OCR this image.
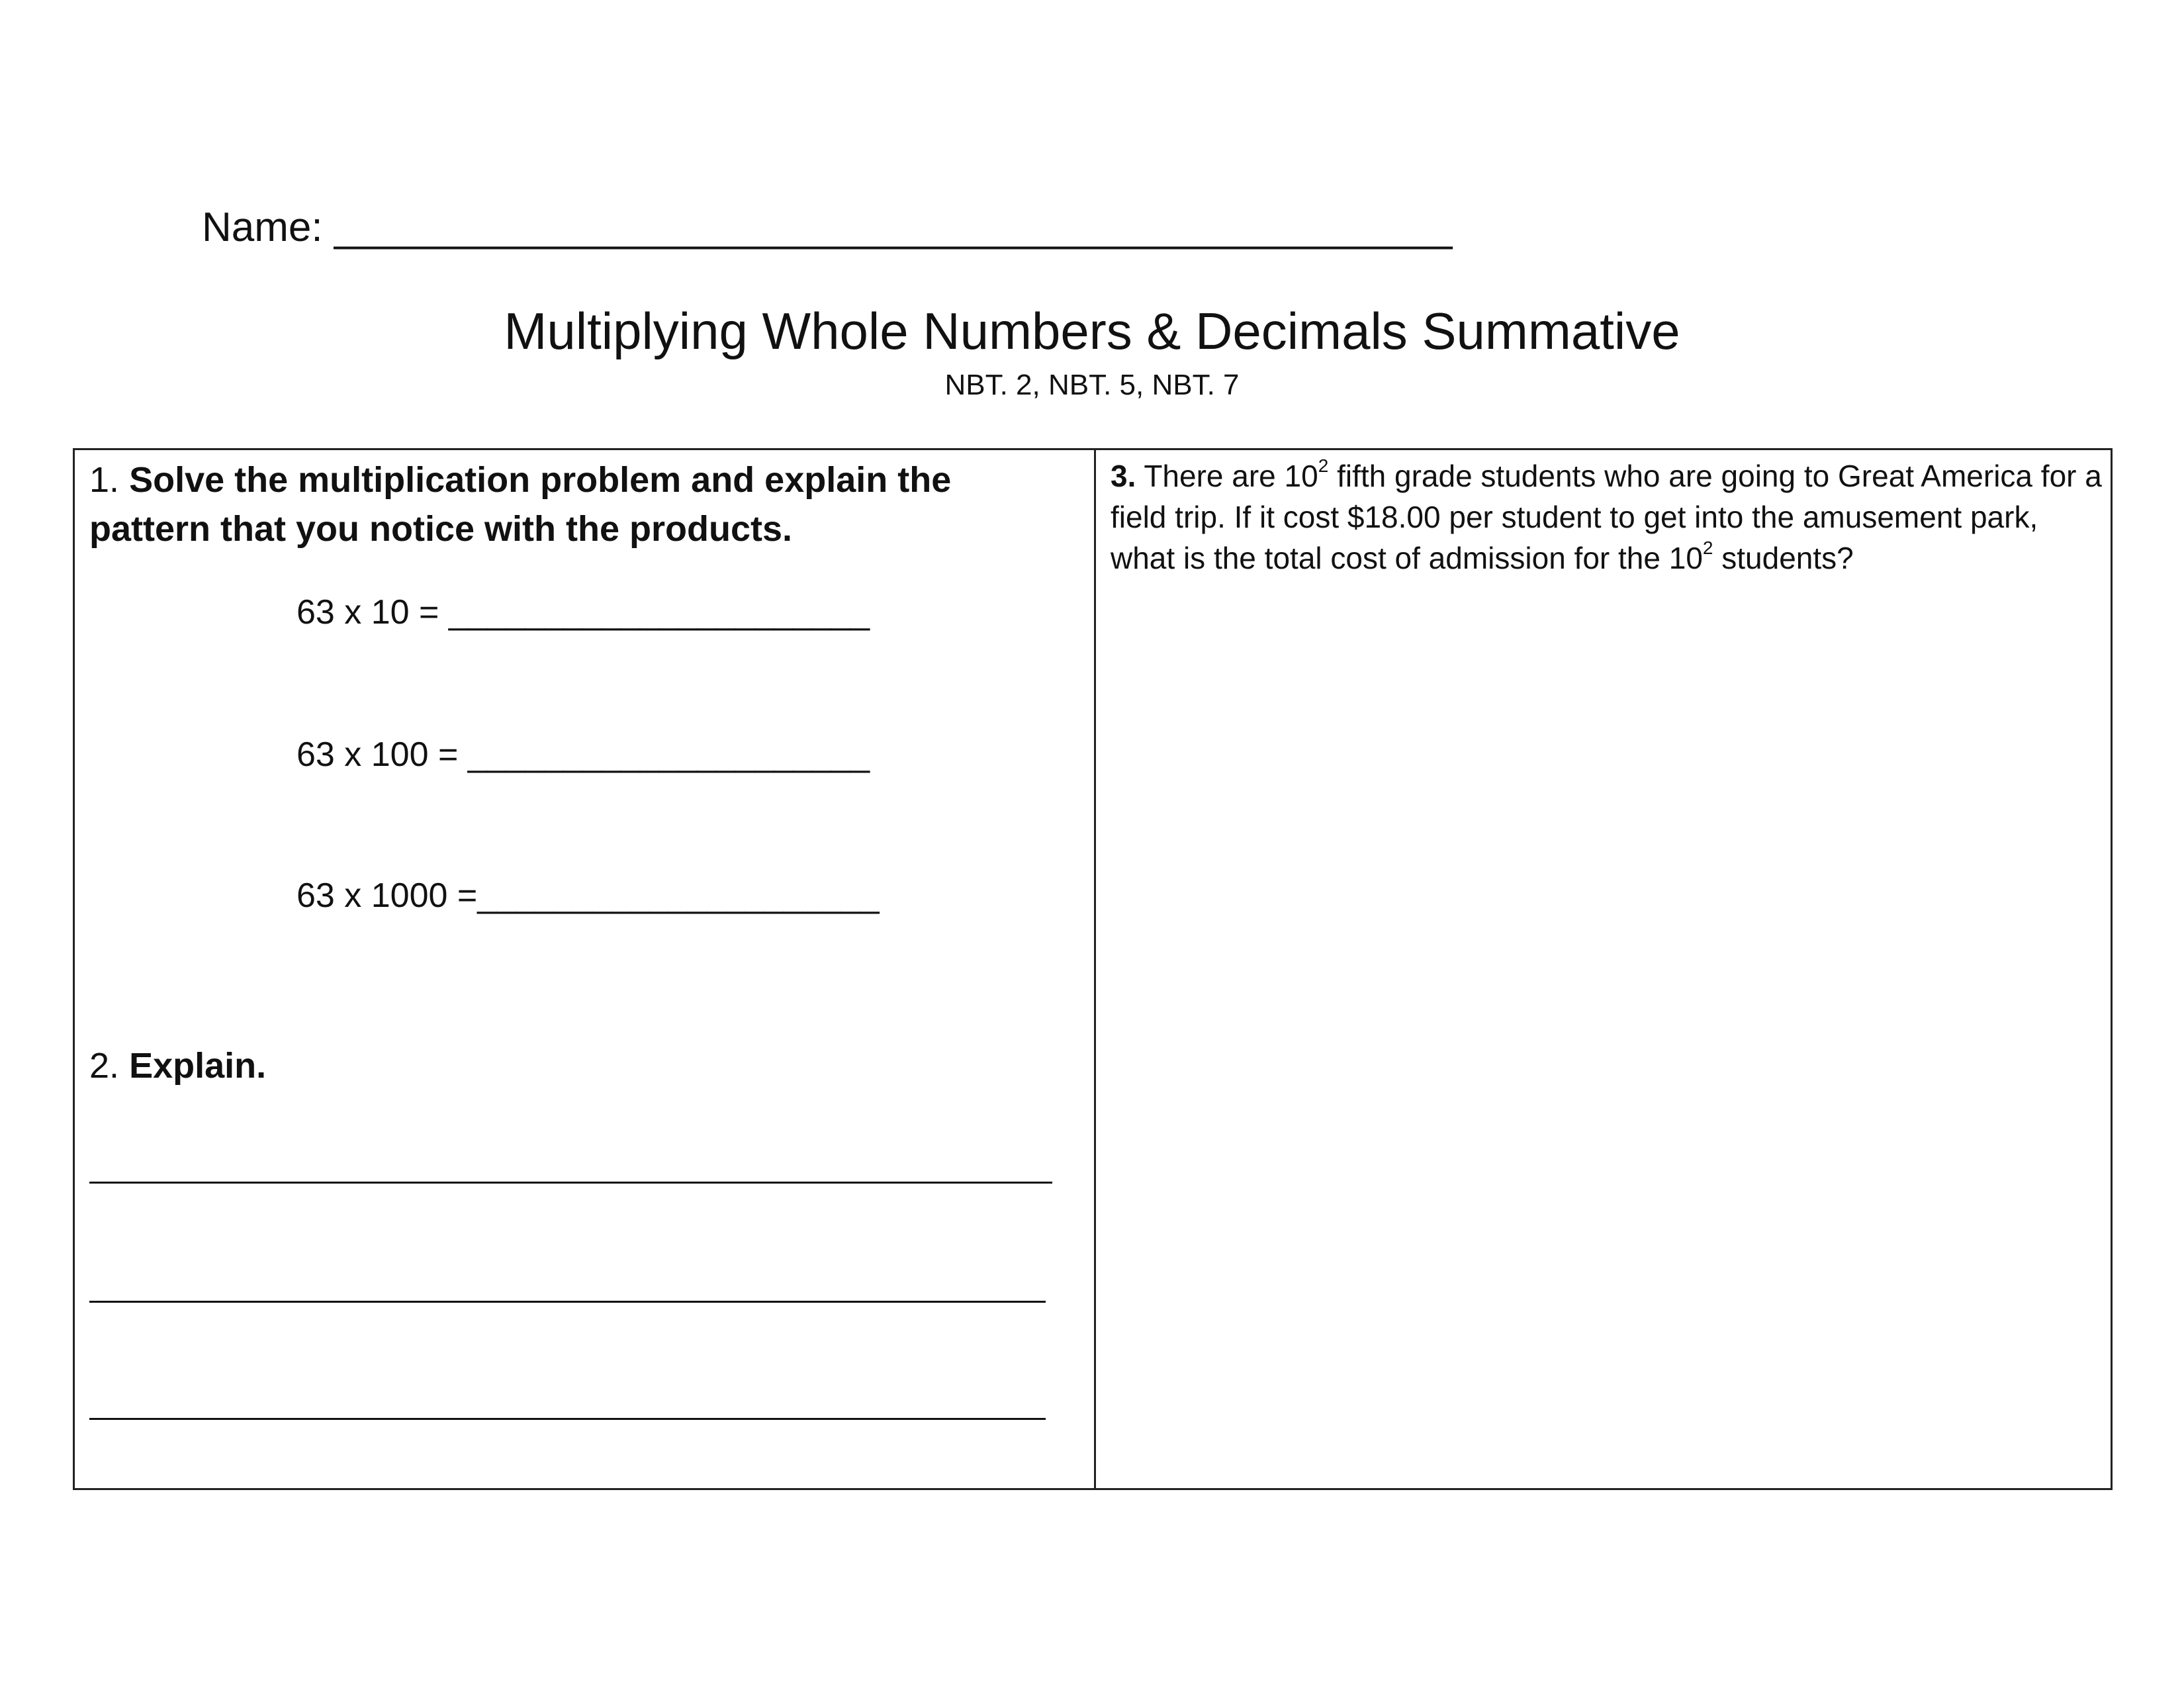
Name: _________________________________________________
Multiplying Whole Numbers & Decimals Summative
NBT. 2, NBT. 5, NBT. 7
1. Solve the multiplication problem and explain the pattern that you notice with the products.
63 x 10 = ______________________
63 x 100 = _____________________
63 x 1000 =_____________________
2. Explain.
3. There are $10^2$ fifth grade students who are going to Great America for a field trip. If it cost $18.00 per student to get into the amusement park, what is the total cost of admission for the $10^2$ students?
